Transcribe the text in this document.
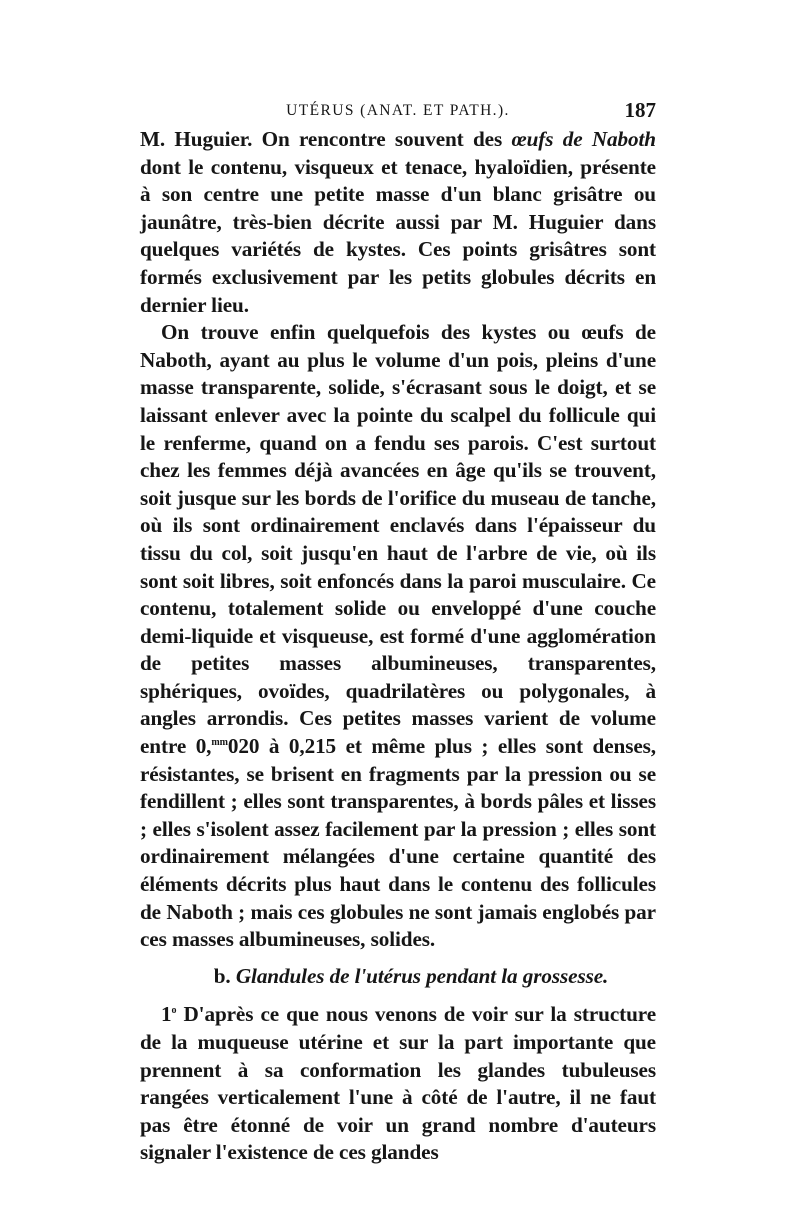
UTÉRUS (ANAT. ET PATH.).	187

M. Huguier. On rencontre souvent des œufs de Naboth dont le contenu, visqueux et tenace, hyaloïdien, présente à son centre une petite masse d'un blanc grisâtre ou jaunâtre, très-bien décrite aussi par M. Huguier dans quelques variétés de kystes. Ces points grisâtres sont formés exclusivement par les petits globules décrits en dernier lieu.

On trouve enfin quelquefois des kystes ou œufs de Naboth, ayant au plus le volume d'un pois, pleins d'une masse transparente, solide, s'écrasant sous le doigt, et se laissant enlever avec la pointe du scalpel du follicule qui le renferme, quand on a fendu ses parois. C'est surtout chez les femmes déjà avancées en âge qu'ils se trouvent, soit jusque sur les bords de l'orifice du museau de tanche, où ils sont ordinairement enclavés dans l'épaisseur du tissu du col, soit jusqu'en haut de l'arbre de vie, où ils sont soit libres, soit enfoncés dans la paroi musculaire. Ce contenu, totalement solide ou enveloppé d'une couche demi-liquide et visqueuse, est formé d'une agglomération de petites masses albumineuses, transparentes, sphériques, ovoïdes, quadrilatères ou polygonales, à angles arrondis. Ces petites masses varient de volume entre 0,$^{mm}$020 à 0,215 et même plus ; elles sont denses, résistantes, se brisent en fragments par la pression ou se fendillent ; elles sont transparentes, à bords pâles et lisses ; elles s'isolent assez facilement par la pression ; elles sont ordinairement mélangées d'une certaine quantité des éléments décrits plus haut dans le contenu des follicules de Naboth ; mais ces globules ne sont jamais englobés par ces masses albumineuses, solides.

b. Glandules de l'utérus pendant la grossesse.

1$^o$ D'après ce que nous venons de voir sur la structure de la muqueuse utérine et sur la part importante que prennent à sa conformation les glandes tubuleuses rangées verticalement l'une à côté de l'autre, il ne faut pas être étonné de voir un grand nombre d'auteurs signaler l'existence de ces glandes
